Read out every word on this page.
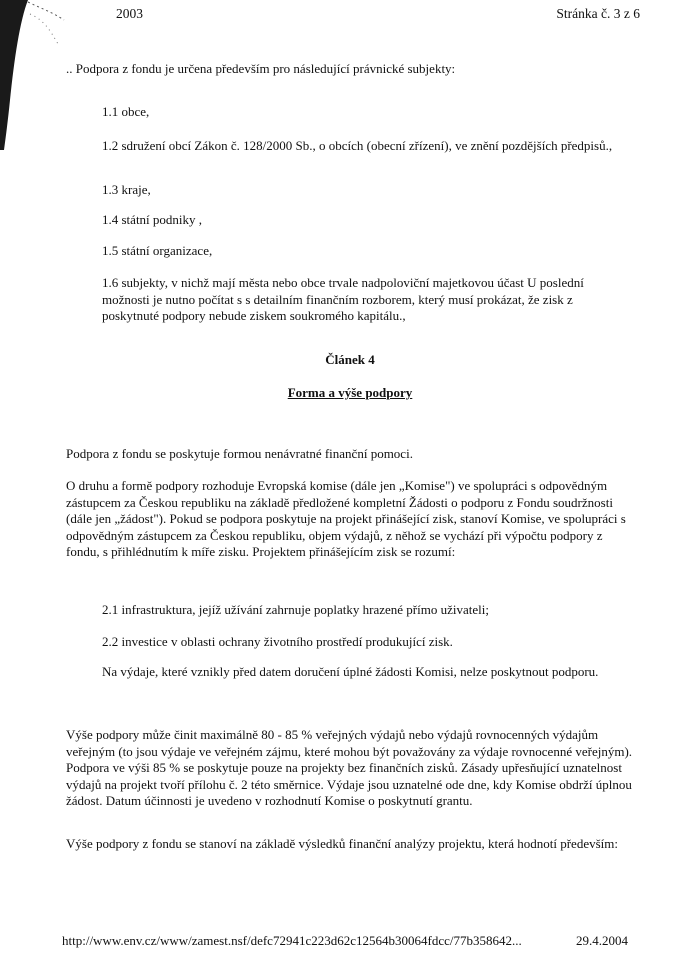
2003	Stránka č. 3 z 6

.. Podpora z fondu je určena především pro následující právnické subjekty:

1.1 obce,

1.2 sdružení obcí Zákon č. 128/2000 Sb., o obcích (obecní zřízení), ve znění pozdějších předpisů.,

1.3 kraje,

1.4 státní podniky ,

1.5 státní organizace,

1.6 subjekty, v nichž mají města nebo obce trvale nadpoloviční majetkovou účast U poslední možnosti je nutno počítat s s detailním finančním rozborem, který musí prokázat, že zisk z poskytnuté podpory nebude ziskem soukromého kapitálu.,

Článek 4
Forma a výše podpory

Podpora z fondu se poskytuje formou nenávratné finanční pomoci.

O druhu a formě podpory rozhoduje Evropská komise (dále jen „Komise") ve spolupráci s odpovědným zástupcem za Českou republiku na základě předložené kompletní Žádosti o podporu z Fondu soudržnosti (dále jen „žádost"). Pokud se podpora poskytuje na projekt přinášející zisk, stanoví Komise, ve spolupráci s odpovědným zástupcem za Českou republiku, objem výdajů, z něhož se vychází při výpočtu podpory z fondu, s přihlédnutím k míře zisku. Projektem přinášejícím zisk se rozumí:

2.1 infrastruktura, jejíž užívání zahrnuje poplatky hrazené přímo uživateli;

2.2 investice v oblasti ochrany životního prostředí produkující zisk.

Na výdaje, které vznikly před datem doručení úplné žádosti Komisi, nelze poskytnout podporu.

Výše podpory může činit maximálně 80 - 85 % veřejných výdajů nebo výdajů rovnocenných výdajům veřejným (to jsou výdaje ve veřejném zájmu, které mohou být považovány za výdaje rovnocenné veřejným). Podpora ve výši 85 % se poskytuje pouze na projekty bez finančních zisků. Zásady upřesňující uznatelnost výdajů na projekt tvoří přílohu č. 2 této směrnice. Výdaje jsou uznatelné ode dne, kdy Komise obdrží úplnou žádost. Datum účinnosti je uvedeno v rozhodnutí Komise o poskytnutí grantu.

Výše podpory z fondu se stanoví na základě výsledků finanční analýzy projektu, která hodnotí především:

http://www.env.cz/www/zamest.nsf/defc72941c223d62c12564b30064fdcc/77b358642...	29.4.2004
